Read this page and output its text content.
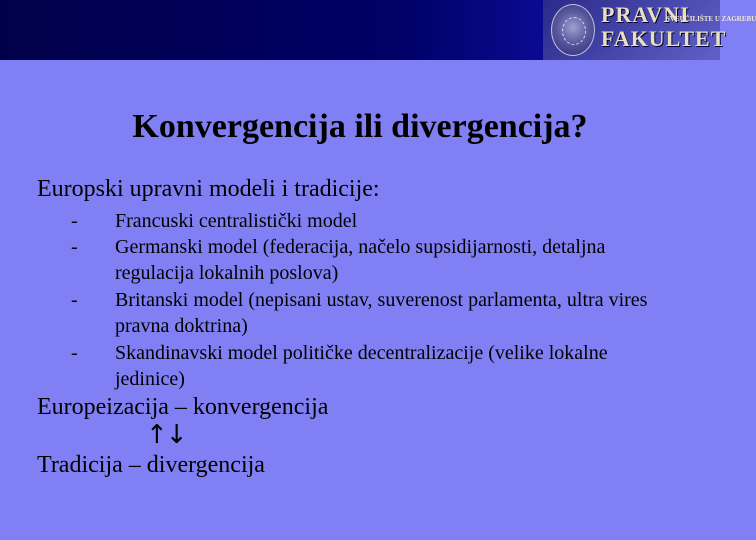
PRAVNI
SVEUČILIŠTE U ZAGREBU
FAKULTET
Konvergencija ili divergencija?
Europski upravni modeli i tradicije:
- Francuski centralistički model
- Germanski model (federacija, načelo supsidijarnosti, detaljna regulacija lokalnih poslova)
- Britanski model (nepisani ustav, suverenost parlamenta, ultra vires pravna doktrina)
- Skandinavski model političke decentralizacije (velike lokalne jedinice)
Europeizacija – konvergencija
↑↓
Tradicija – divergencija
